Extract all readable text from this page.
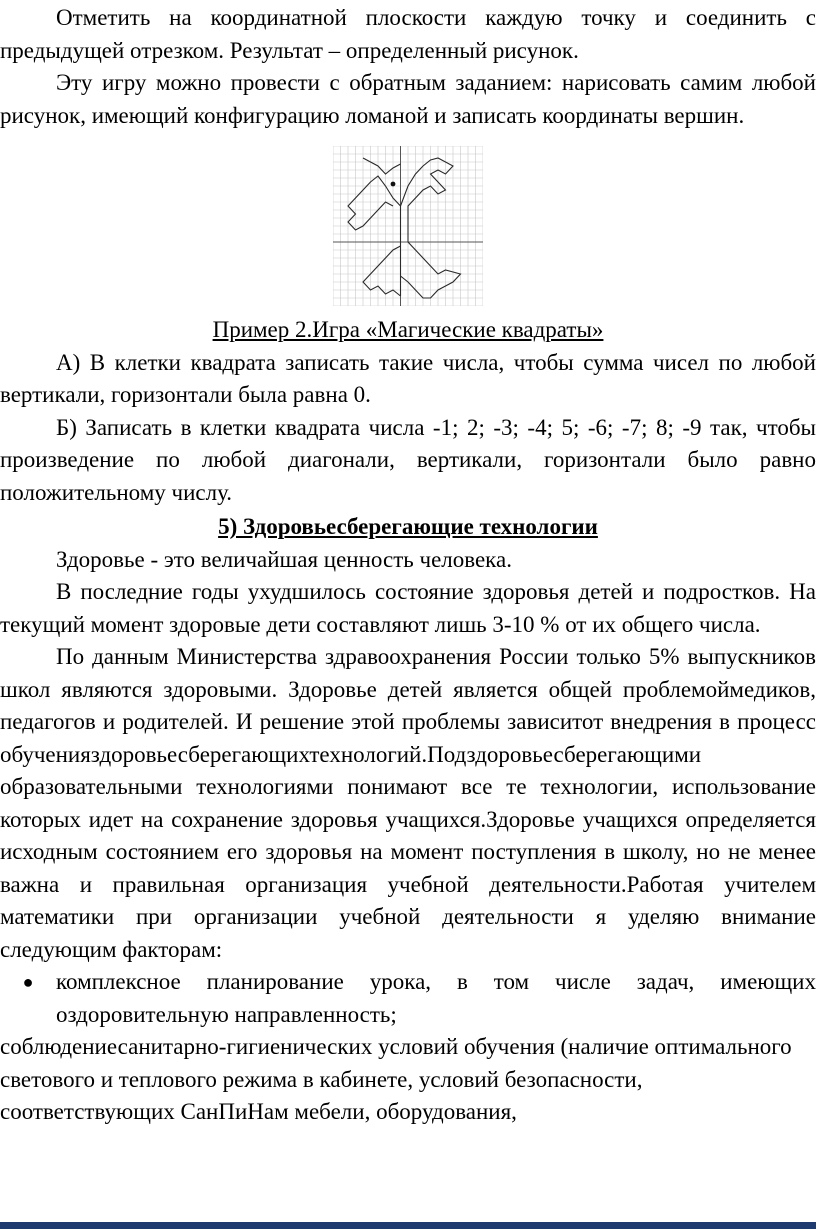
Отметить на координатной плоскости каждую точку и соединить с предыдущей отрезком. Результат – определенный рисунок.

Эту игру можно провести с обратным заданием: нарисовать самим любой рисунок, имеющий конфигурацию ломаной и записать координаты вершин.

Пример 2.Игра «Магические квадраты»

А) В клетки квадрата записать такие числа, чтобы сумма чисел по любой вертикали, горизонтали была равна 0.

Б) Записать в клетки квадрата числа -1; 2; -3; -4; 5; -6; -7; 8; -9 так, чтобы произведение по любой диагонали, вертикали, горизонтали было равно положительному числу.

5) Здоровьесберегающие технологии

Здоровье - это величайшая ценность человека.

В последние годы ухудшилось состояние здоровья детей и подростков. На текущий момент здоровые дети составляют лишь 3-10 % от их общего числа.

По данным Министерства здравоохранения России только 5% выпускников школ являются здоровыми. Здоровье детей является общей проблемоймедиков, педагогов и родителей. И решение этой проблемы зависитот внедрения в процесс

обученияздоровьесберегающихтехнологий.Подздоровьесберегающими

образовательными технологиями понимают все те технологии, использование которых идет на сохранение здоровья учащихся.Здоровье учащихся определяется исходным состоянием его здоровья на момент поступления в школу, но не менее важна и правильная организация учебной деятельности.Работая учителем математики при организации учебной деятельности я уделяю внимание следующим факторам:

● комплексное планирование урока, в том числе задач, имеющих оздоровительную направленность;

соблюдениесанитарно-гигиенических условий обучения (наличие оптимального светового и теплового режима в кабинете, условий безопасности, соответствующих СанПиНам мебели, оборудования,
